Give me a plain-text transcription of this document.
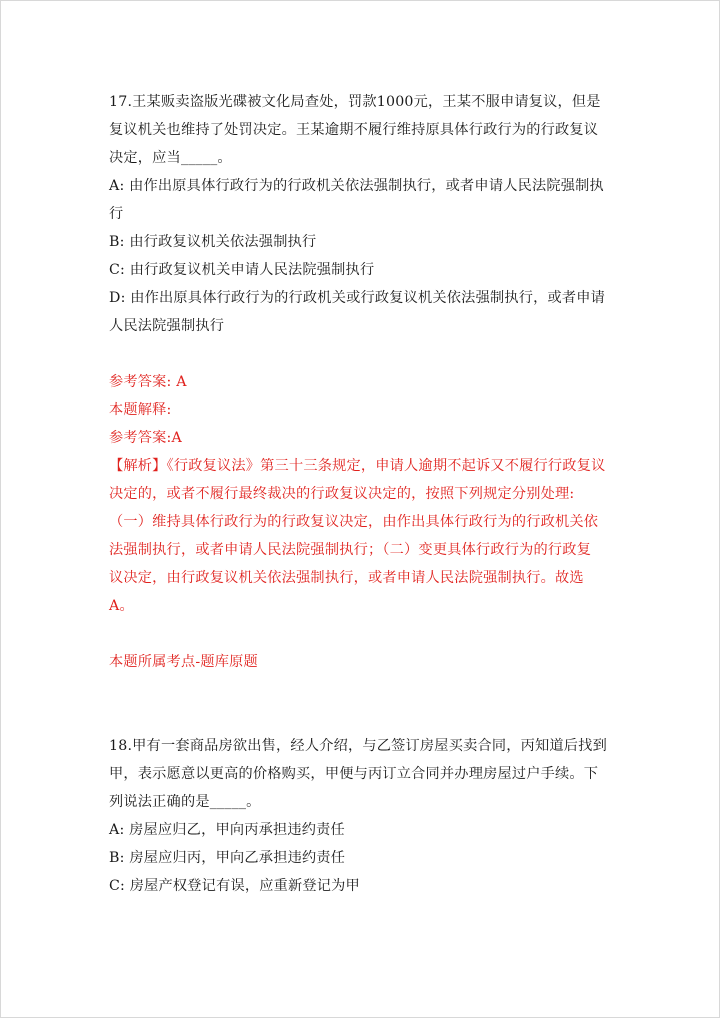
17.王某贩卖盗版光碟被文化局查处，罚款1000元，王某不服申请复议，但是
复议机关也维持了处罚决定。王某逾期不履行维持原具体行政行为的行政复议
决定，应当_____。
A: 由作出原具体行政行为的行政机关依法强制执行，或者申请人民法院强制执
行
B: 由行政复议机关依法强制执行
C: 由行政复议机关申请人民法院强制执行
D: 由作出原具体行政行为的行政机关或行政复议机关依法强制执行，或者申请
人民法院强制执行
参考答案: A
本题解释:
参考答案:A
【解析】《行政复议法》第三十三条规定，申请人逾期不起诉又不履行行政复议
决定的，或者不履行最终裁决的行政复议决定的，按照下列规定分别处理:
（一）维持具体行政行为的行政复议决定，由作出具体行政行为的行政机关依
法强制执行，或者申请人民法院强制执行；（二）变更具体行政行为的行政复
议决定，由行政复议机关依法强制执行，或者申请人民法院强制执行。故选
A。
本题所属考点-题库原题
18.甲有一套商品房欲出售，经人介绍，与乙签订房屋买卖合同，丙知道后找到
甲，表示愿意以更高的价格购买，甲便与丙订立合同并办理房屋过户手续。下
列说法正确的是_____。
A: 房屋应归乙，甲向丙承担违约责任
B: 房屋应归丙，甲向乙承担违约责任
C: 房屋产权登记有误，应重新登记为甲
